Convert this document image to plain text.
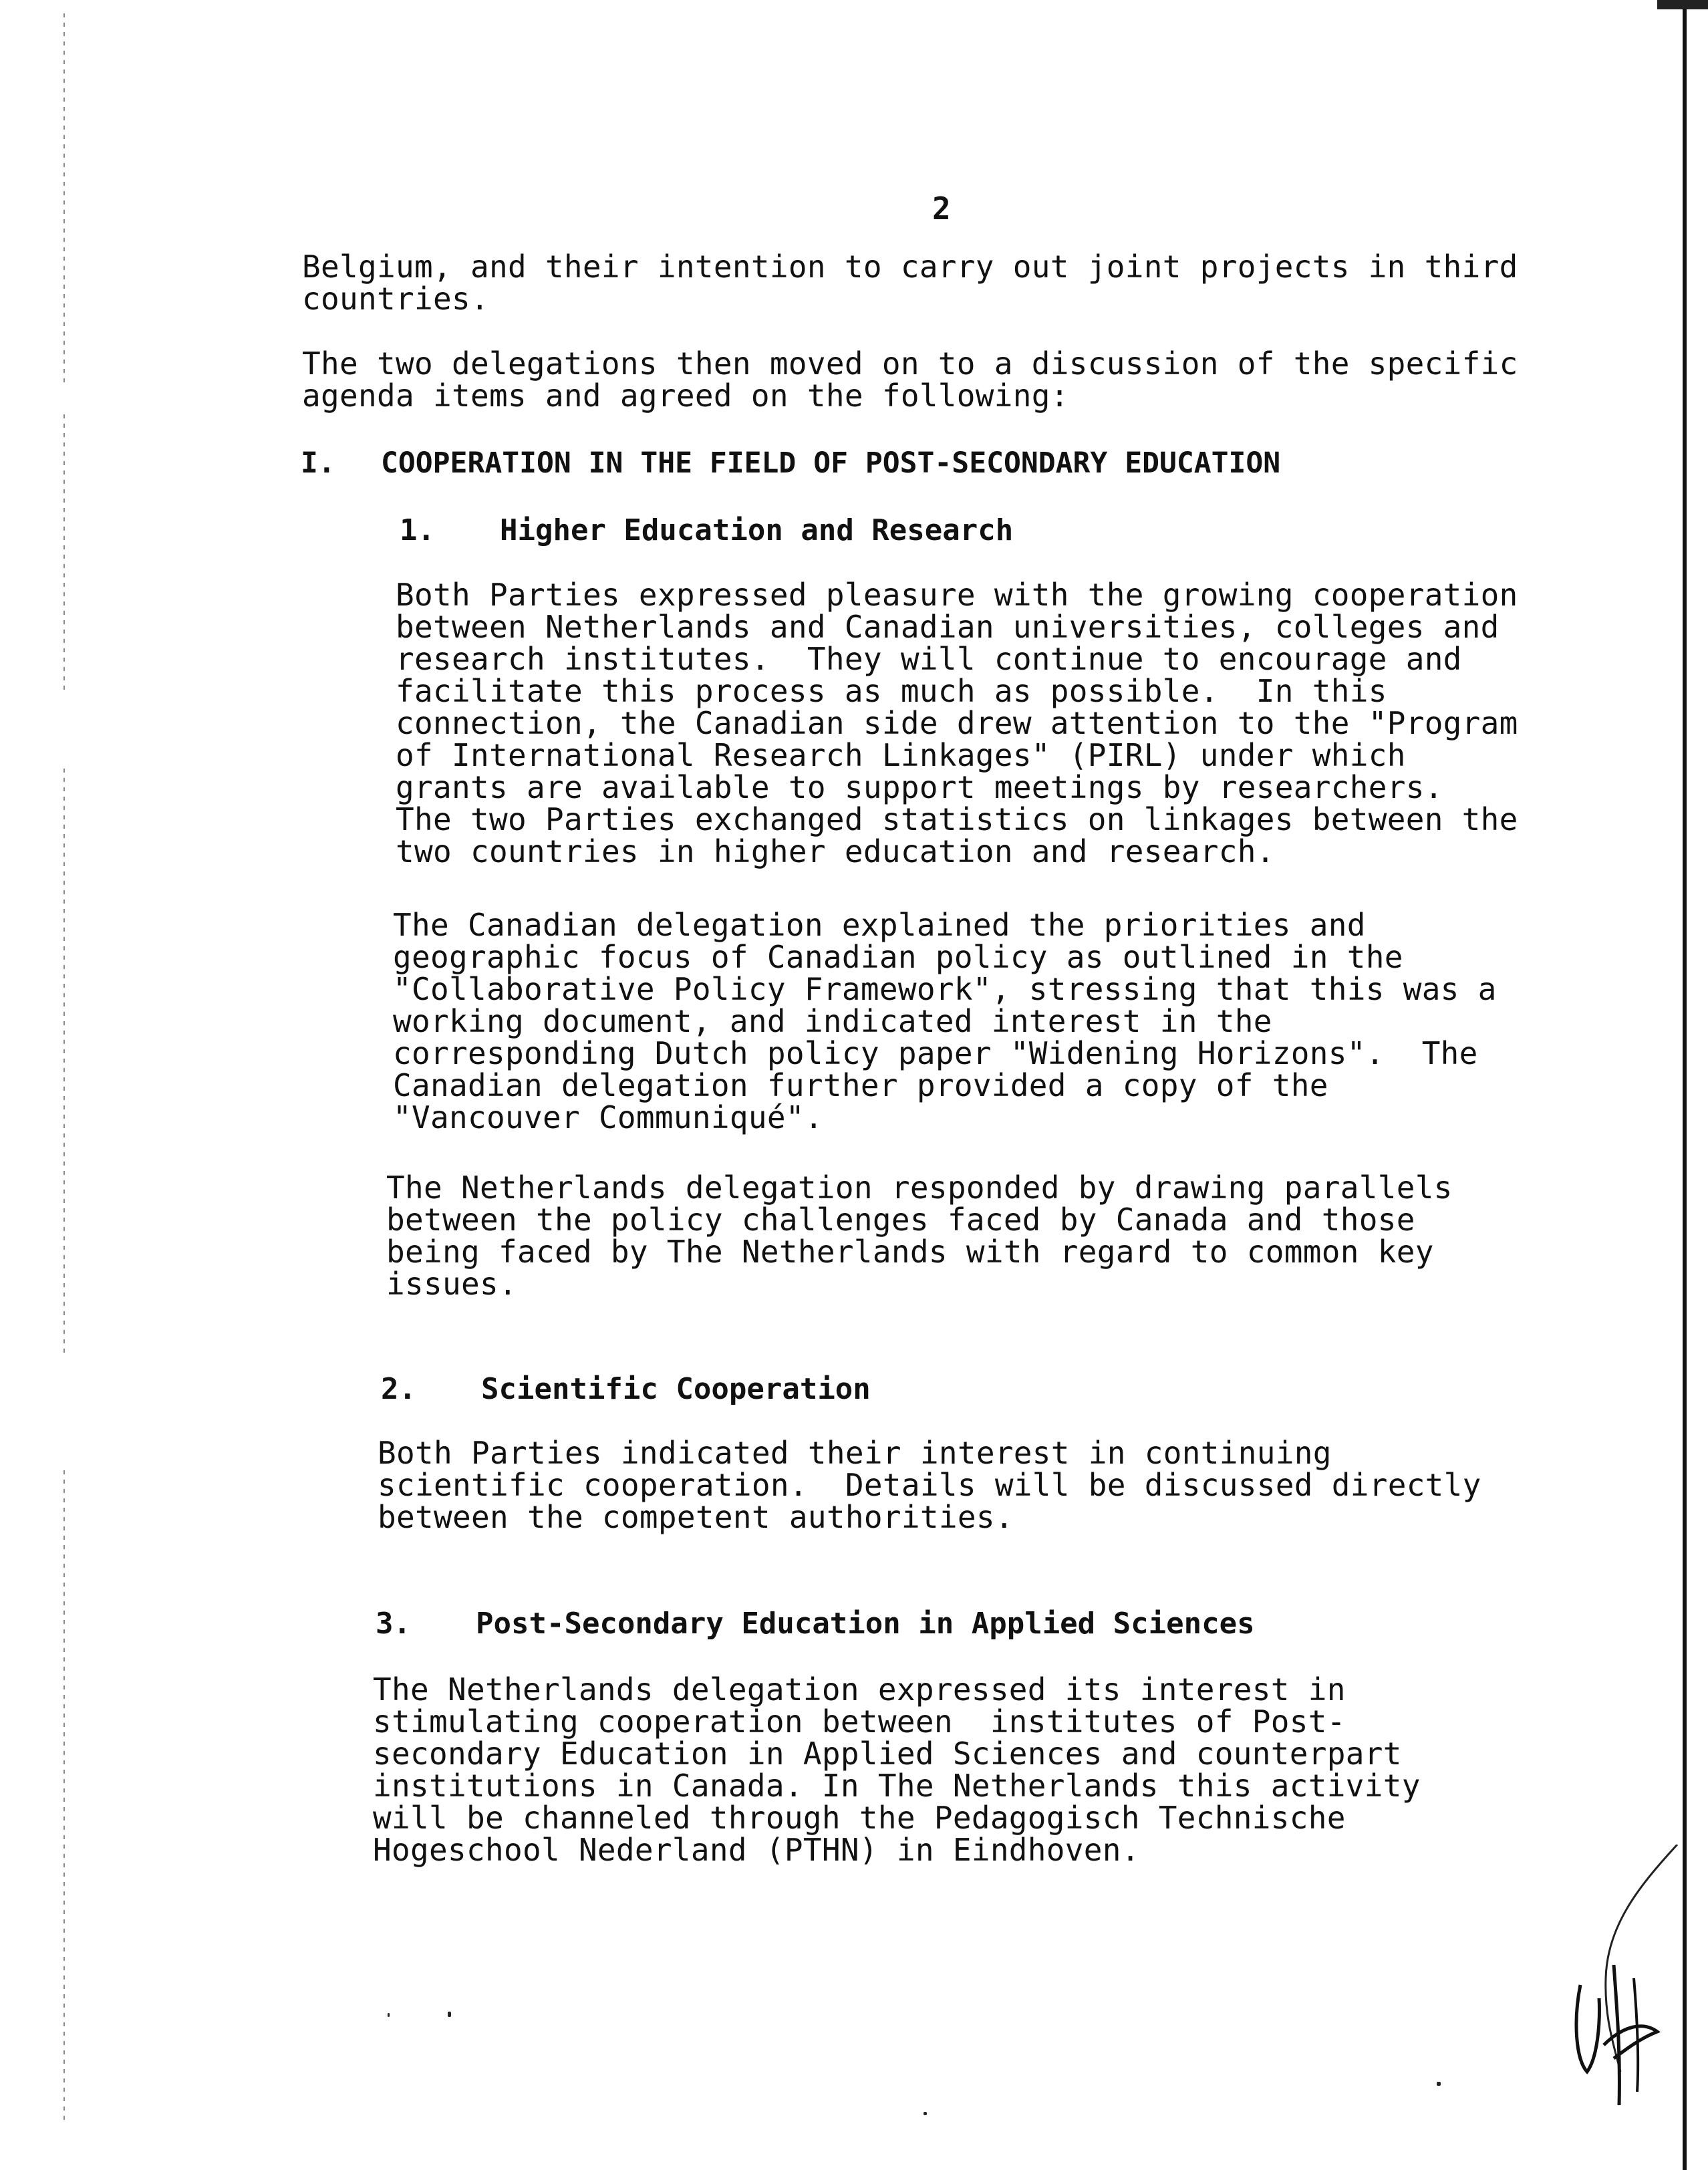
2
Belgium, and their intention to carry out joint projects in third
countries.
The two delegations then moved on to a discussion of the specific
agenda items and agreed on the following:
I. COOPERATION IN THE FIELD OF POST-SECONDARY EDUCATION
1. Higher Education and Research
Both Parties expressed pleasure with the growing cooperation
between Netherlands and Canadian universities, colleges and
research institutes.  They will continue to encourage and
facilitate this process as much as possible.  In this
connection, the Canadian side drew attention to the "Program
of International Research Linkages" (PIRL) under which
grants are available to support meetings by researchers.
The two Parties exchanged statistics on linkages between the
two countries in higher education and research.
The Canadian delegation explained the priorities and
geographic focus of Canadian policy as outlined in the
"Collaborative Policy Framework", stressing that this was a
working document, and indicated interest in the
corresponding Dutch policy paper "Widening Horizons".  The
Canadian delegation further provided a copy of the
"Vancouver Communiqué".
The Netherlands delegation responded by drawing parallels
between the policy challenges faced by Canada and those
being faced by The Netherlands with regard to common key
issues.
2. Scientific Cooperation
Both Parties indicated their interest in continuing
scientific cooperation.  Details will be discussed directly
between the competent authorities.
3. Post-Secondary Education in Applied Sciences
The Netherlands delegation expressed its interest in
stimulating cooperation between  institutes of Post-
secondary Education in Applied Sciences and counterpart
institutions in Canada. In The Netherlands this activity
will be channeled through the Pedagogisch Technische
Hogeschool Nederland (PTHN) in Eindhoven.
